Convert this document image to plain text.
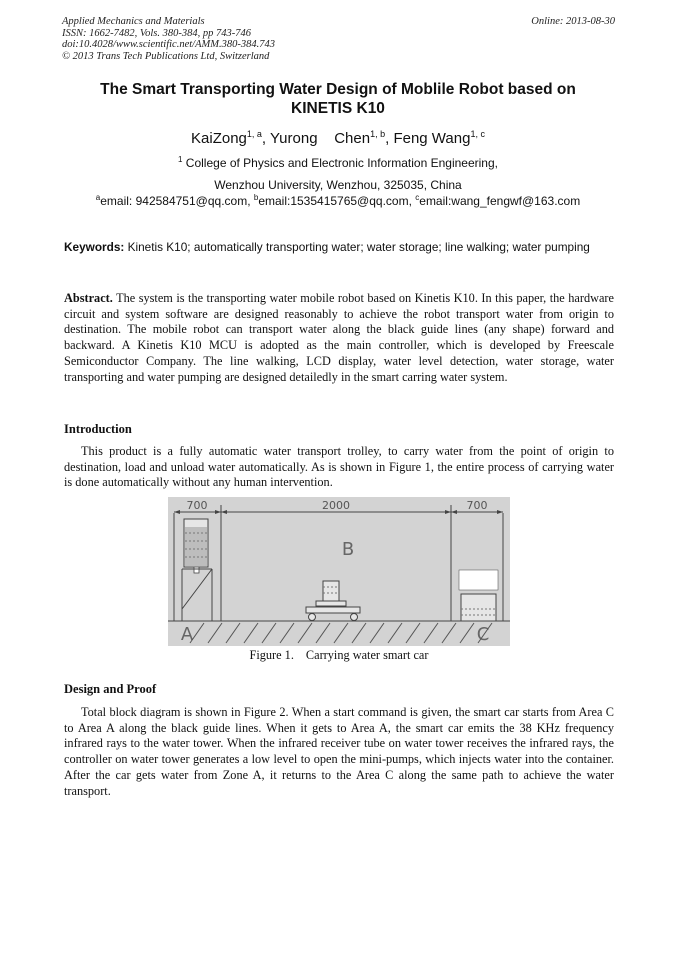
Applied Mechanics and Materials
ISSN: 1662-7482, Vols. 380-384, pp 743-746
doi:10.4028/www.scientific.net/AMM.380-384.743
© 2013 Trans Tech Publications Ltd, Switzerland
Online: 2013-08-30
The Smart Transporting Water Design of Moblile Robot based on
KINETIS K10
KaiZong$^{1, a}$, Yurong    Chen$^{1, b}$, Feng Wang$^{1, c}$
$^1$ College of Physics and Electronic Information Engineering,
Wenzhou University, Wenzhou, 325035, China
$^a$email: 942584751@qq.com, $^b$email:1535415765@qq.com, $^c$email:wang_fengwf@163.com
Keywords: Kinetis K10; automatically transporting water; water storage; line walking; water pumping
Abstract. The system is the transporting water mobile robot based on Kinetis K10. In this paper, the hardware circuit and system software are designed reasonably to achieve the robot transport water from origin to destination. The mobile robot can transport water along the black guide lines (any shape) forward and backward. A Kinetis K10 MCU is adopted as the main controller, which is developed by Freescale Semiconductor Company. The line walking, LCD display, water level detection, water storage, water transporting and water pumping are designed detailedly in the smart carring water system.
Introduction
This product is a fully automatic water transport trolley, to carry water from the point of origin to destination, load and unload water automatically. As is shown in Figure 1, the entire process of carrying water is done automatically without any human intervention.
700	2000	700
A
B
C
Figure 1. Carrying water smart car
Design and Proof
Total block diagram is shown in Figure 2. When a start command is given, the smart car starts from Area C to Area A along the black guide lines. When it gets to Area A, the smart car emits the 38 KHz frequency infrared rays to the water tower. When the infrared receiver tube on water tower receives the infrared rays, the controller on water tower generates a low level to open the mini-pumps, which injects water into the container. After the car gets water from Zone A, it returns to the Area C along the same path to achieve the water transport.
